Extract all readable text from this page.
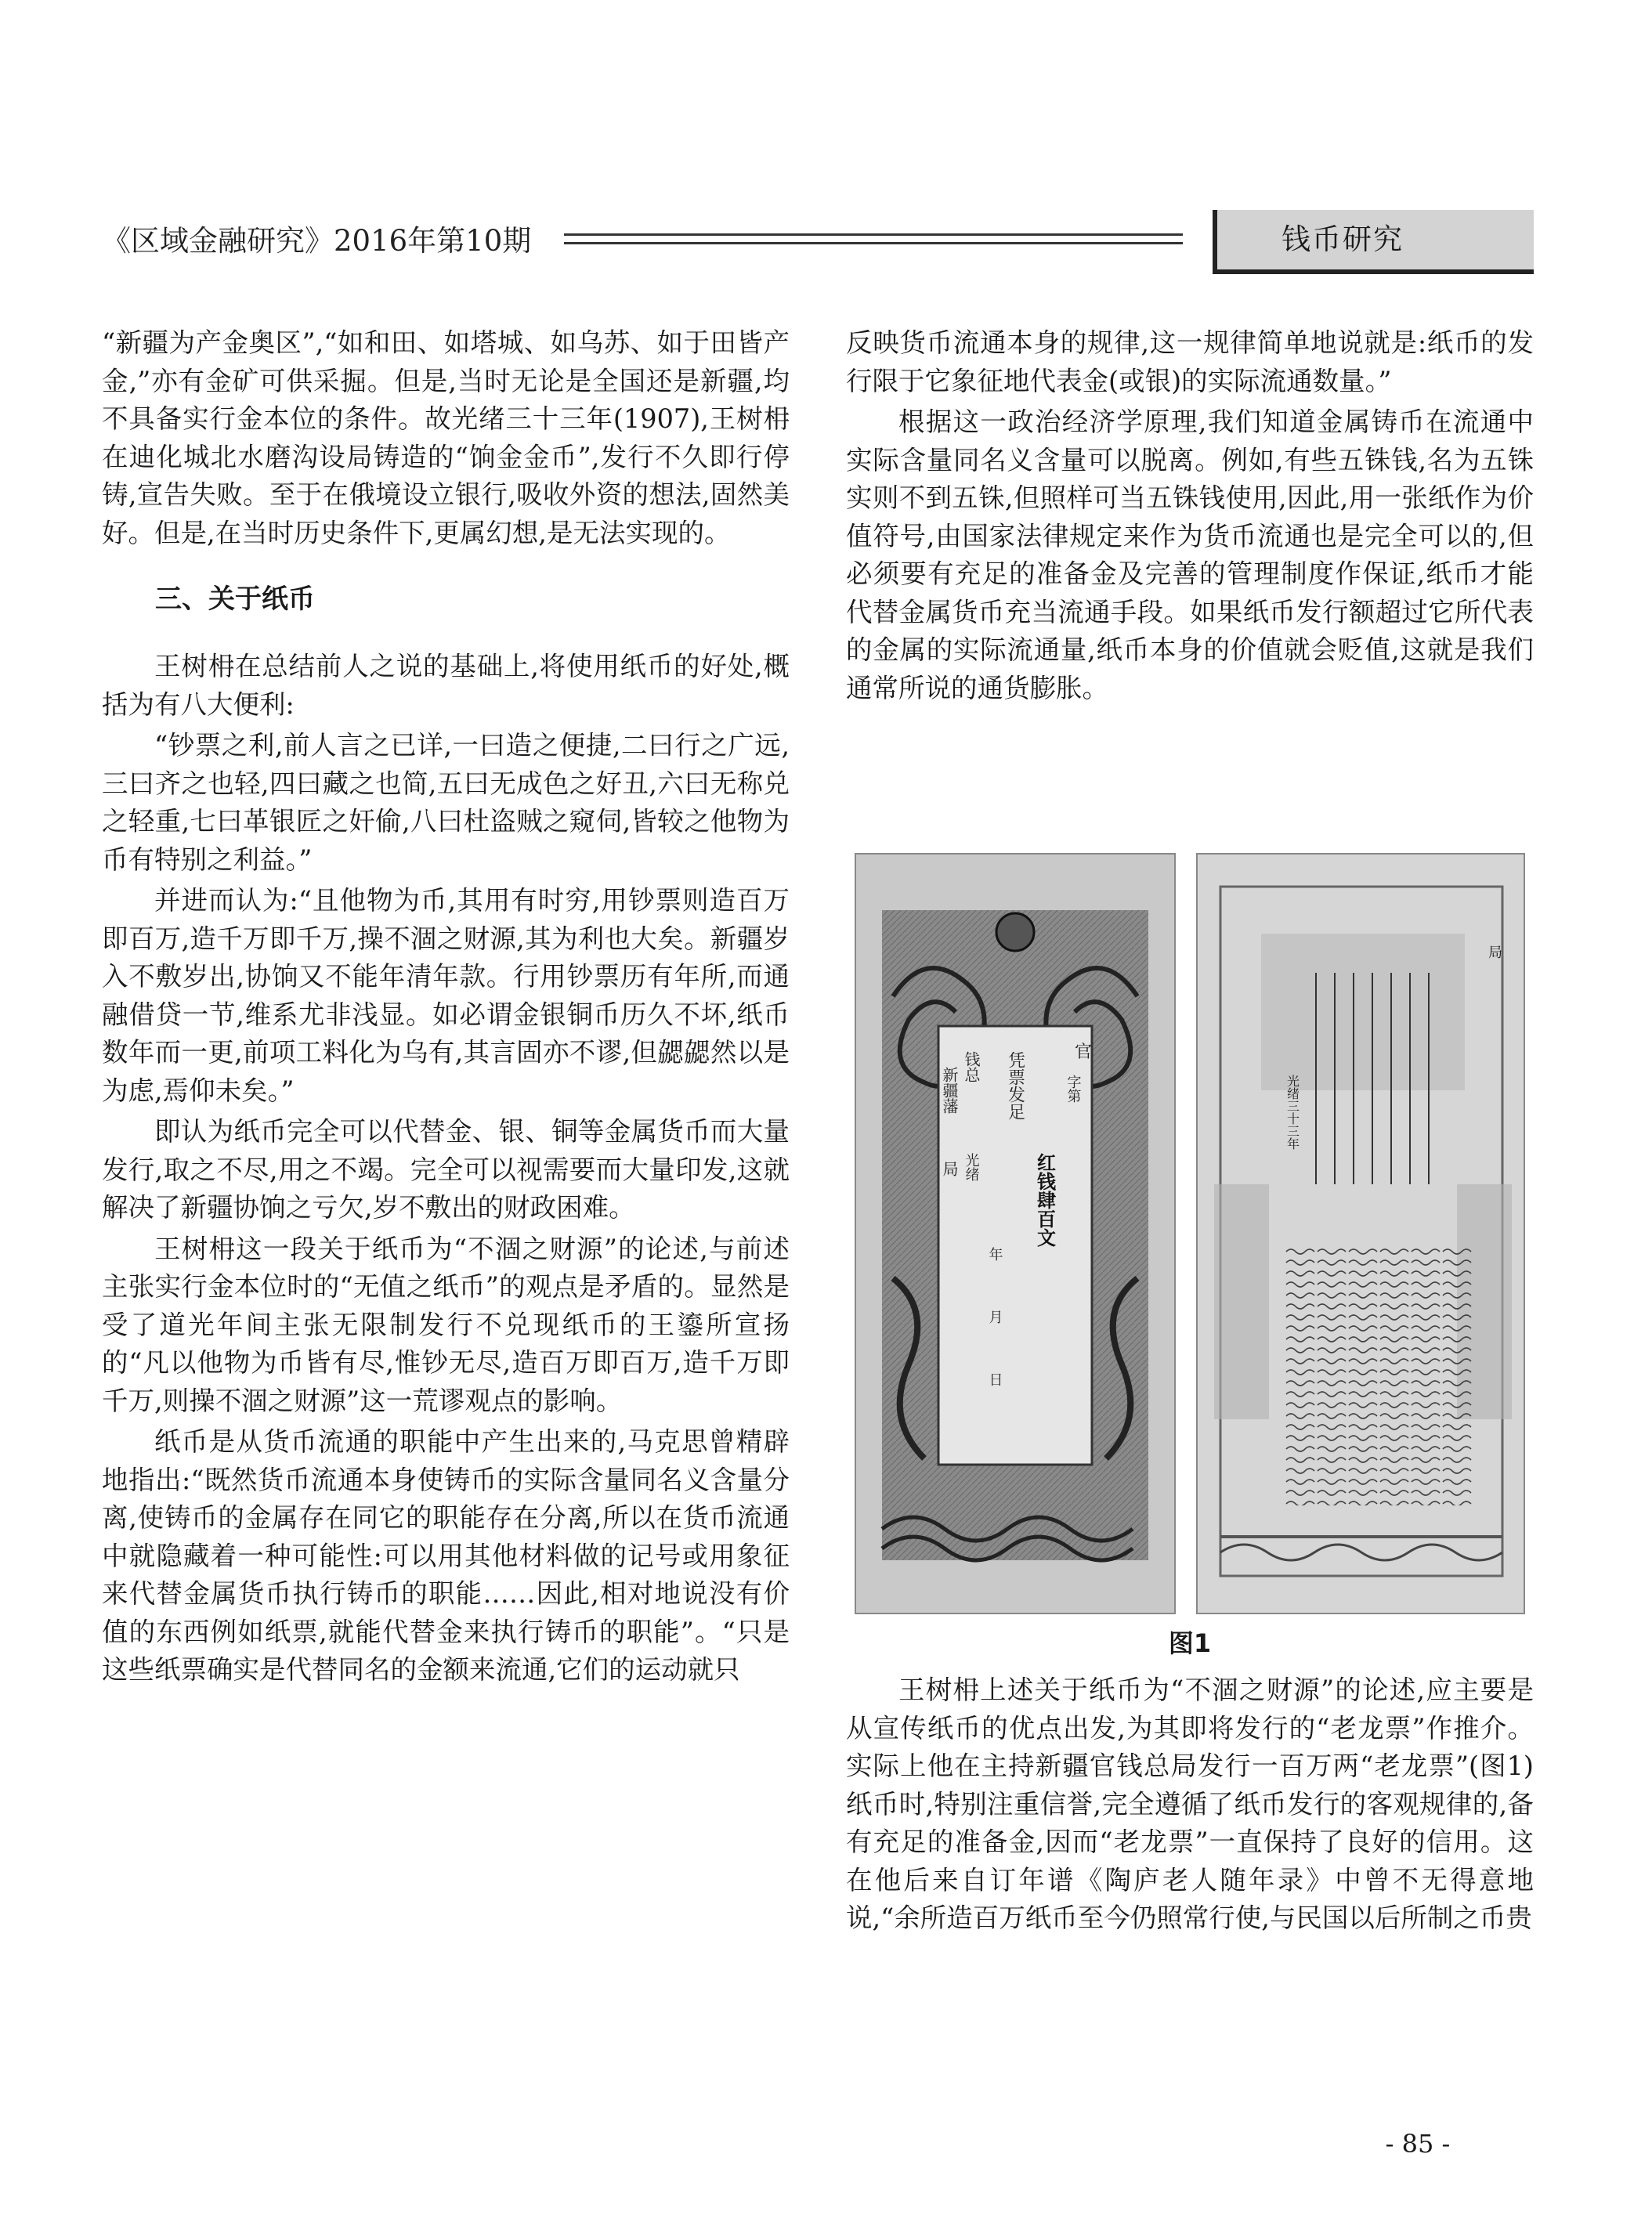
《区域金融研究》2016年第10期	钱币研究

“新疆为产金奥区”,“如和田、如塔城、如乌苏、如于田皆产金,”亦有金矿可供采掘。但是,当时无论是全国还是新疆,均不具备实行金本位的条件。故光绪三十三年(1907),王树枏在迪化城北水磨沟设局铸造的“饷金金币”,发行不久即行停铸,宣告失败。至于在俄境设立银行,吸收外资的想法,固然美好。但是,在当时历史条件下,更属幻想,是无法实现的。

三、关于纸币

王树枏在总结前人之说的基础上,将使用纸币的好处,概括为有八大便利:

“钞票之利,前人言之已详,一曰造之便捷,二曰行之广远,三曰齐之也轻,四曰藏之也简,五曰无成色之好丑,六曰无称兑之轻重,七曰革银匠之奸偷,八曰杜盗贼之窥伺,皆较之他物为币有特别之利益。”

并进而认为:“且他物为币,其用有时穷,用钞票则造百万即百万,造千万即千万,操不涸之财源,其为利也大矣。新疆岁入不敷岁出,协饷又不能年清年款。行用钞票历有年所,而通融借贷一节,维系尤非浅显。如必谓金银铜币历久不坏,纸币数年而一更,前项工料化为乌有,其言固亦不谬,但勰勰然以是为虑,焉仰未矣。”

即认为纸币完全可以代替金、银、铜等金属货币而大量发行,取之不尽,用之不竭。完全可以视需要而大量印发,这就解决了新疆协饷之亏欠,岁不敷出的财政困难。

王树枏这一段关于纸币为“不涸之财源”的论述,与前述主张实行金本位时的“无值之纸币”的观点是矛盾的。显然是受了道光年间主张无限制发行不兑现纸币的王鎏所宣扬的“凡以他物为币皆有尽,惟钞无尽,造百万即百万,造千万即千万,则操不涸之财源”这一荒谬观点的影响。

纸币是从货币流通的职能中产生出来的,马克思曾精辟地指出:“既然货币流通本身使铸币的实际含量同名义含量分离,使铸币的金属存在同它的职能存在分离,所以在货币流通中就隐藏着一种可能性:可以用其他材料做的记号或用象征来代替金属货币执行铸币的职能……因此,相对地说没有价值的东西例如纸票,就能代替金来执行铸币的职能”。“只是这些纸票确实是代替同名的金额来流通,它们的运动就只

反映货币流通本身的规律,这一规律简单地说就是:纸币的发行限于它象征地代表金(或银)的实际流通数量。”

根据这一政治经济学原理,我们知道金属铸币在流通中实际含量同名义含量可以脱离。例如,有些五铢钱,名为五铢实则不到五铢,但照样可当五铢钱使用,因此,用一张纸作为价值符号,由国家法律规定来作为货币流通也是完全可以的,但必须要有充足的准备金及完善的管理制度作保证,纸币才能代替金属货币充当流通手段。如果纸币发行额超过它所代表的金属的实际流通量,纸币本身的价值就会贬值,这就是我们通常所说的通货膨胀。

官
新疆藩
局
钱总
光绪
凭票发足
红钱肆百文
字第
年
月
日
光绪三十三年
局
图1

王树枏上述关于纸币为“不涸之财源”的论述,应主要是从宣传纸币的优点出发,为其即将发行的“老龙票”作推介。实际上他在主持新疆官钱总局发行一百万两“老龙票”(图1)纸币时,特别注重信誉,完全遵循了纸币发行的客观规律的,备有充足的准备金,因而“老龙票”一直保持了良好的信用。这在他后来自订年谱《陶庐老人随年录》中曾不无得意地说,“余所造百万纸币至今仍照常行使,与民国以后所制之币贵

- 85 -
